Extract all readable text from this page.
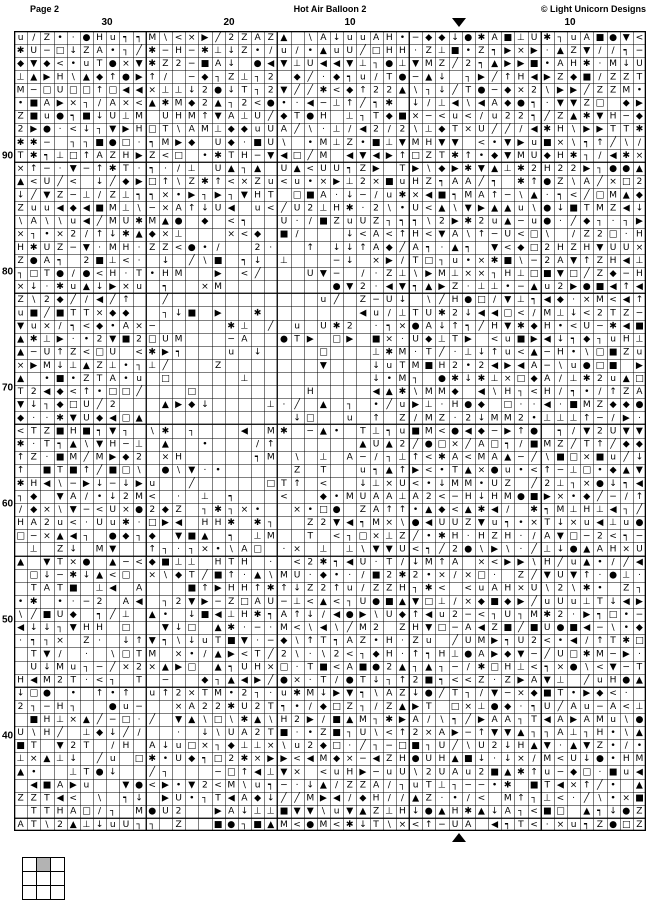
Page 2	Hot Air Balloon 2	© Light Unicorn Designs
30	20	10	10
90
80
70
60
50
40
